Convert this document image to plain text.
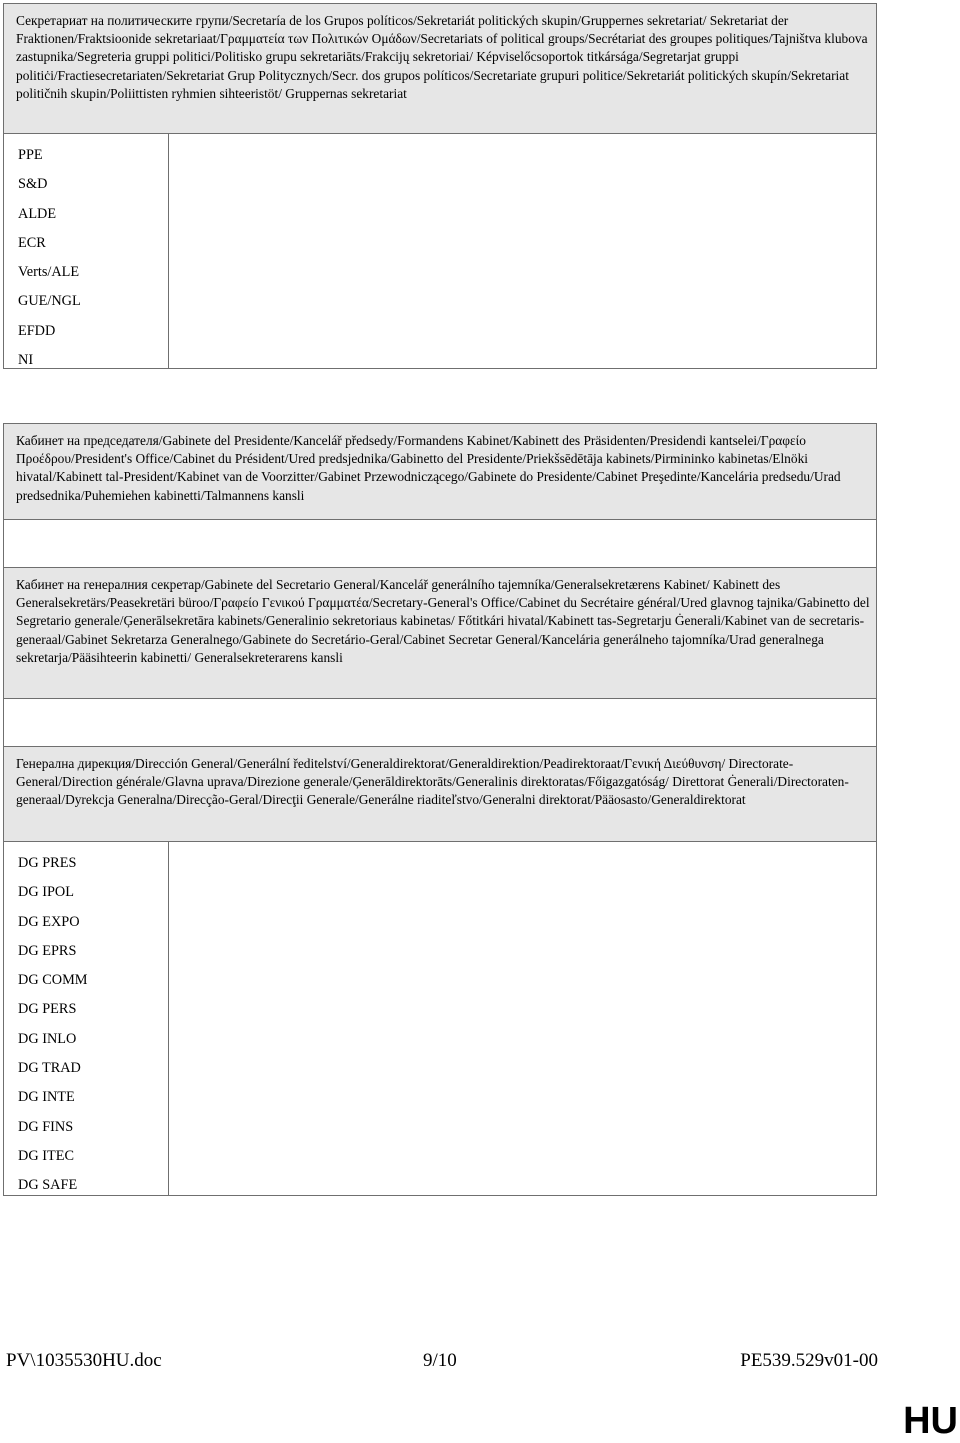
Секретариат на политическите групи/Secretaría de los Grupos políticos/Sekretariát politických skupin/Gruppernes sekretariat/ Sekretariat der Fraktionen/Fraktsioonide sekretariaat/Γραμματεία των Πολιτικών Ομάδων/Secretariats of political groups/Secrétariat des groupes politiques/Tajništva klubova zastupnika/Segreteria gruppi politici/Politisko grupu sekretariāts/Frakcijų sekretoriai/ Képviselőcsoportok titkársága/Segretarjat gruppi politiċi/Fractiesecretariaten/Sekretariat Grup Politycznych/Secr. dos grupos políticos/Secretariate grupuri politice/Sekretariát politických skupín/Sekretariat političnih skupin/Poliittisten ryhmien sihteeristöt/ Gruppernas sekretariat
PPE
S&D
ALDE
ECR
Verts/ALE
GUE/NGL
EFDD
NI
Кабинет на председателя/Gabinete del Presidente/Kancelář předsedy/Formandens Kabinet/Kabinett des Präsidenten/Presidendi kantselei/Γραφείο Προέδρου/President's Office/Cabinet du Président/Ured predsjednika/Gabinetto del Presidente/Priekšsēdētāja kabinets/Pirmininko kabinetas/Elnöki hivatal/Kabinett tal-President/Kabinet van de Voorzitter/Gabinet Przewodniczącego/Gabinete do Presidente/Cabinet Preşedinte/Kancelária predsedu/Urad predsednika/Puhemiehen kabinetti/Talmannens kansli
Кабинет на генералния секретар/Gabinete del Secretario General/Kancelář generálního tajemníka/Generalsekretærens Kabinet/ Kabinett des Generalsekretärs/Peasekretäri büroo/Γραφείο Γενικού Γραμματέα/Secretary-General's Office/Cabinet du Secrétaire général/Ured glavnog tajnika/Gabinetto del Segretario generale/Ģenerālsekretāra kabinets/Generalinio sekretoriaus kabinetas/ Főtitkári hivatal/Kabinett tas-Segretarju Ġenerali/Kabinet van de secretaris-generaal/Gabinet Sekretarza Generalnego/Gabinete do Secretário-Geral/Cabinet Secretar General/Kancelária generálneho tajomníka/Urad generalnega sekretarja/Pääsihteerin kabinetti/ Generalsekreterarens kansli
Генерална дирекция/Dirección General/Generální ředitelství/Generaldirektorat/Generaldirektion/Peadirektoraat/Γενική Διεύθυνση/ Directorate-General/Direction générale/Glavna uprava/Direzione generale/Ģenerāldirektorāts/Generalinis direktoratas/Főigazgatóság/ Direttorat Ġenerali/Directoraten-generaal/Dyrekcja Generalna/Direcção-Geral/Direcţii Generale/Generálne riaditeľstvo/Generalni direktorat/Pääosasto/Generaldirektorat
DG PRES
DG IPOL
DG EXPO
DG EPRS
DG COMM
DG PERS
DG INLO
DG TRAD
DG INTE
DG FINS
DG ITEC
DG SAFE
PV\1035530HU.doc	9/10	PE539.529v01-00
HU
